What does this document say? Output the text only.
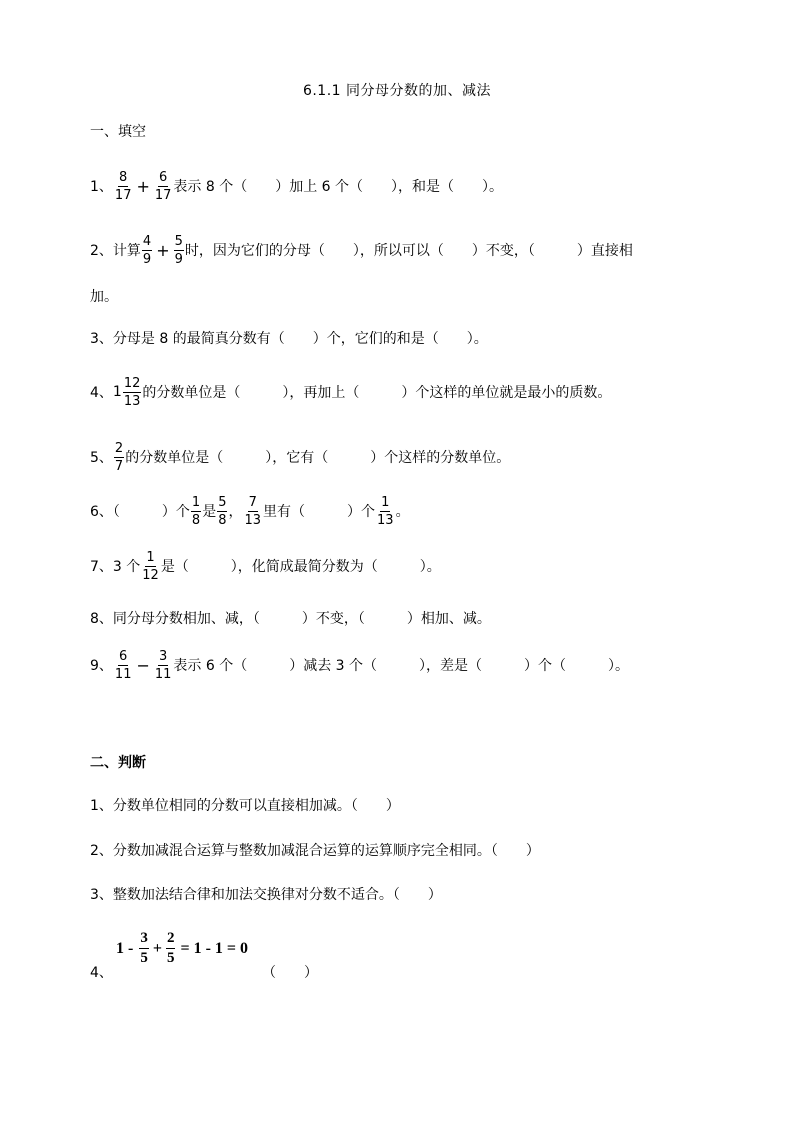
6.1.1 同分母分数的加、减法
一、填空
1、 $\frac{8}{17} + \frac{6}{17}$ 表示 8 个（　　）加上 6 个（　　），和是（　　）。
2、 计算 $\frac{4}{9} + \frac{5}{9}$ 时，因为它们的分母（　　），所以可以（　　）不变，（　　　）直接相
加。
3、分母是 8 的最简真分数有（　　）个，它们的和是（　　）。
4、 $1 \frac{12}{13}$ 的分数单位是（　　　），再加上（　　　）个这样的单位就是最小的质数。
5、 $\frac{2}{7}$ 的分数单位是（　　　），它有（　　　）个这样的分数单位。
6、（　　　）个 $\frac{1}{8}$ 是 $\frac{5}{8}$ ， $\frac{7}{13}$ 里有（　　　）个 $\frac{1}{13}$ 。
7、3 个 $\frac{1}{12}$ 是（　　　），化简成最简分数为（　　　）。
8、同分母分数相加、减，（　　　）不变，（　　　）相加、减。
9、 $\frac{6}{11} - \frac{3}{11}$ 表示 6 个（　　　）减去 3 个（　　　），差是（　　　）个（　　　）。
二、判断
1、分数单位相同的分数可以直接相加减。（　　）
2、分数加减混合运算与整数加减混合运算的运算顺序完全相同。（　　）
3、整数加法结合律和加法交换律对分数不适合。（　　）
4、
$1 - \frac{3}{5} + \frac{2}{5} = 1 - 1 = 0$
（　　）
